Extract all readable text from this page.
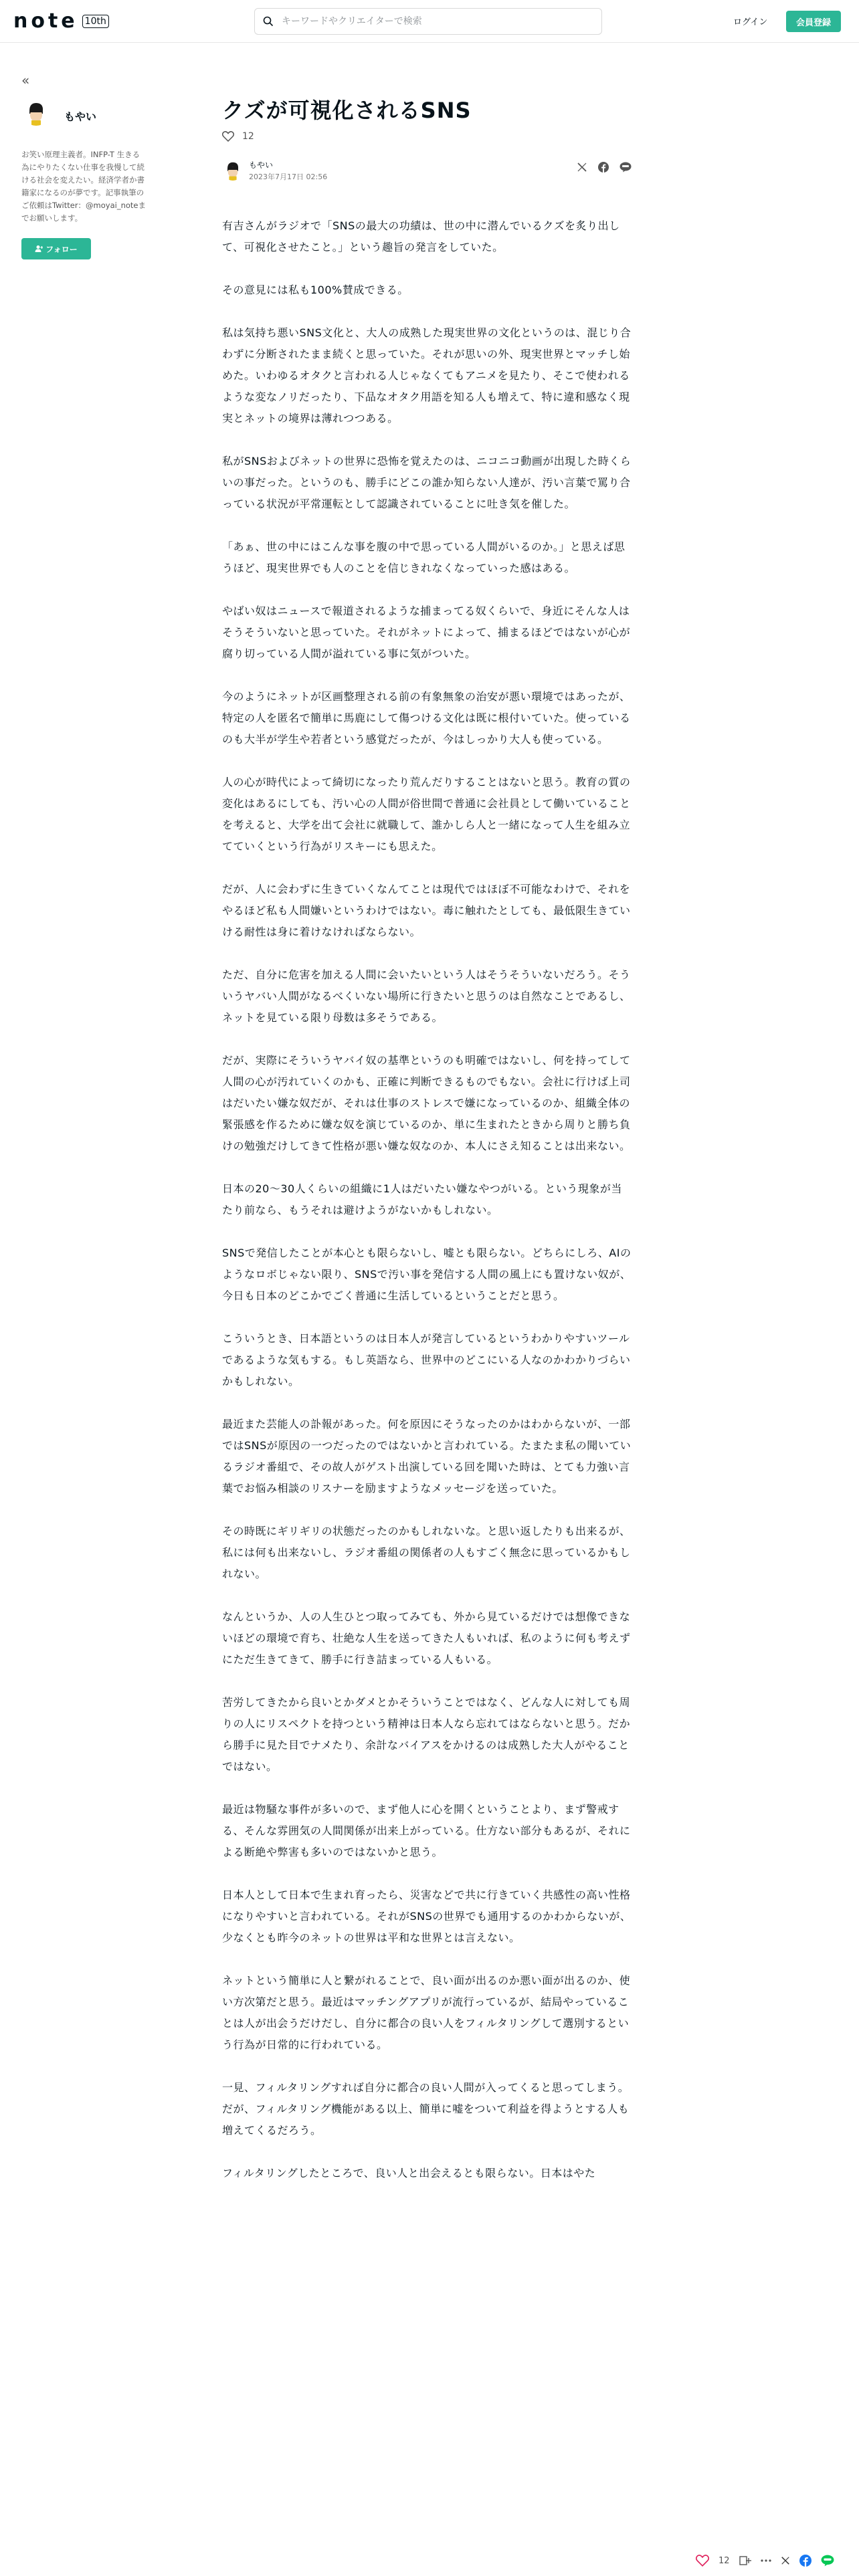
note 10th
キーワードやクリエイターで検索	ログイン	会員登録
«
もやい
お笑い原理主義者。INFP-T 生きる為にやりたくない仕事を我慢して続ける社会を変えたい。経済学者か書籍家になるのが夢です。記事執筆のご依頼はTwitter：@moyai_noteまでお願いします。
フォロー
クズが可視化されるSNS
12
もやい
2023年7月17日 02:56

有吉さんがラジオで「SNSの最大の功績は、世の中に潜んでいるクズを炙り出して、可視化させたこと。」という趣旨の発言をしていた。

その意見には私も100%賛成できる。

私は気持ち悪いSNS文化と、大人の成熟した現実世界の文化というのは、混じり合わずに分断されたまま続くと思っていた。それが思いの外、現実世界とマッチし始めた。いわゆるオタクと言われる人じゃなくてもアニメを見たり、そこで使われるような変なノリだったり、下品なオタク用語を知る人も増えて、特に違和感なく現実とネットの境界は薄れつつある。

私がSNSおよびネットの世界に恐怖を覚えたのは、ニコニコ動画が出現した時くらいの事だった。というのも、勝手にどこの誰か知らない人達が、汚い言葉で罵り合っている状況が平常運転として認識されていることに吐き気を催した。

「あぁ、世の中にはこんな事を腹の中で思っている人間がいるのか。」と思えば思うほど、現実世界でも人のことを信じきれなくなっていった感はある。

やばい奴はニュースで報道されるような捕まってる奴くらいで、身近にそんな人はそうそういないと思っていた。それがネットによって、捕まるほどではないが心が腐り切っている人間が溢れている事に気がついた。

今のようにネットが区画整理される前の有象無象の治安が悪い環境ではあったが、特定の人を匿名で簡単に馬鹿にして傷つける文化は既に根付いていた。使っているのも大半が学生や若者という感覚だったが、今はしっかり大人も使っている。

人の心が時代によって綺切になったり荒んだりすることはないと思う。教育の質の変化はあるにしても、汚い心の人間が俗世間で普通に会社員として働いていることを考えると、大学を出て会社に就職して、誰かしら人と一緒になって人生を組み立てていくという行為がリスキーにも思えた。

だが、人に会わずに生きていくなんてことは現代ではほぼ不可能なわけで、それをやるほど私も人間嫌いというわけではない。毒に触れたとしても、最低限生きていける耐性は身に着けなければならない。

ただ、自分に危害を加える人間に会いたいという人はそうそういないだろう。そういうヤバい人間がなるべくいない場所に行きたいと思うのは自然なことであるし、ネットを見ている限り母数は多そうである。

だが、実際にそういうヤバイ奴の基準というのも明確ではないし、何を持ってして人間の心が汚れていくのかも、正確に判断できるものでもない。会社に行けば上司はだいたい嫌な奴だが、それは仕事のストレスで嫌になっているのか、組織全体の緊張感を作るために嫌な奴を演じているのか、単に生まれたときから周りと勝ち負けの勉強だけしてきて性格が悪い嫌な奴なのか、本人にさえ知ることは出来ない。

日本の20〜30人くらいの組織に1人はだいたい嫌なやつがいる。という現象が当たり前なら、もうそれは避けようがないかもしれない。

SNSで発信したことが本心とも限らないし、嘘とも限らない。どちらにしろ、AIのようなロボじゃない限り、SNSで汚い事を発信する人間の風上にも置けない奴が、今日も日本のどこかでごく普通に生活しているということだと思う。

こういうとき、日本語というのは日本人が発言しているというわかりやすいツールであるような気もする。もし英語なら、世界中のどこにいる人なのかわかりづらいかもしれない。

最近また芸能人の訃報があった。何を原因にそうなったのかはわからないが、一部ではSNSが原因の一つだったのではないかと言われている。たまたま私の聞いているラジオ番組で、その故人がゲスト出演している回を聞いた時は、とても力強い言葉でお悩み相談のリスナーを励ますようなメッセージを送っていた。

その時既にギリギリの状態だったのかもしれないな。と思い返したりも出来るが、私には何も出来ないし、ラジオ番組の関係者の人もすごく無念に思っているかもしれない。

なんというか、人の人生ひとつ取ってみても、外から見ているだけでは想像できないほどの環境で育ち、壮絶な人生を送ってきた人もいれば、私のように何も考えずにただ生きてきて、勝手に行き詰まっている人もいる。

苦労してきたから良いとかダメとかそういうことではなく、どんな人に対しても周りの人にリスペクトを持つという精神は日本人なら忘れてはならないと思う。だから勝手に見た目でナメたり、余計なバイアスをかけるのは成熟した大人がやることではない。

最近は物騒な事件が多いので、まず他人に心を開くということより、まず警戒する、そんな雰囲気の人間関係が出来上がっている。仕方ない部分もあるが、それによる断絶や弊害も多いのではないかと思う。

日本人として日本で生まれ育ったら、災害などで共に行きていく共感性の高い性格になりやすいと言われている。それがSNSの世界でも通用するのかわからないが、少なくとも昨今のネットの世界は平和な世界とは言えない。

ネットという簡単に人と繋がれることで、良い面が出るのか悪い面が出るのか、使い方次第だと思う。最近はマッチングアプリが流行っているが、結局やっていることは人が出会うだけだし、自分に都合の良い人をフィルタリングして選別するという行為が日常的に行われている。

一見、フィルタリングすれば自分に都合の良い人間が入ってくると思ってしまう。だが、フィルタリング機能がある以上、簡単に嘘をついて利益を得ようとする人も増えてくるだろう。

フィルタリングしたところで、良い人と出会えるとも限らない。日本はやた

12
